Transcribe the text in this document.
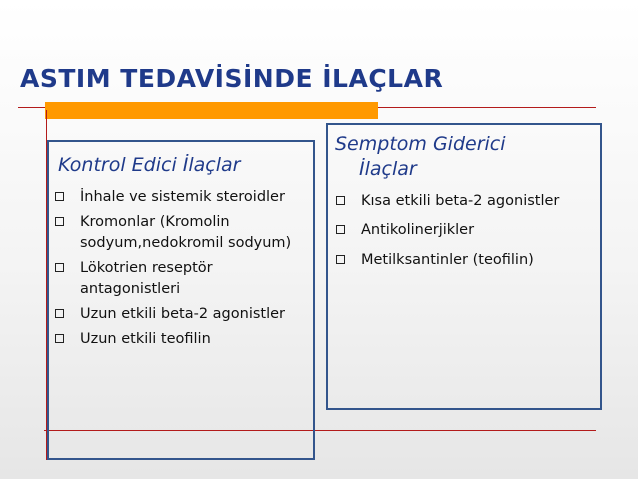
ASTIM TEDAVİSİNDE İLAÇLAR
Kontrol Edici İlaçlar
İnhale ve sistemik steroidler
Kromonlar (Kromolin sodyum,nedokromil sodyum)
Lökotrien reseptör antagonistleri
Uzun etkili beta-2 agonistler
Uzun etkili teofilin
Semptom Giderici
İlaçlar
Kısa etkili beta-2 agonistler
Antikolinerjikler
Metilksantinler (teofilin)
